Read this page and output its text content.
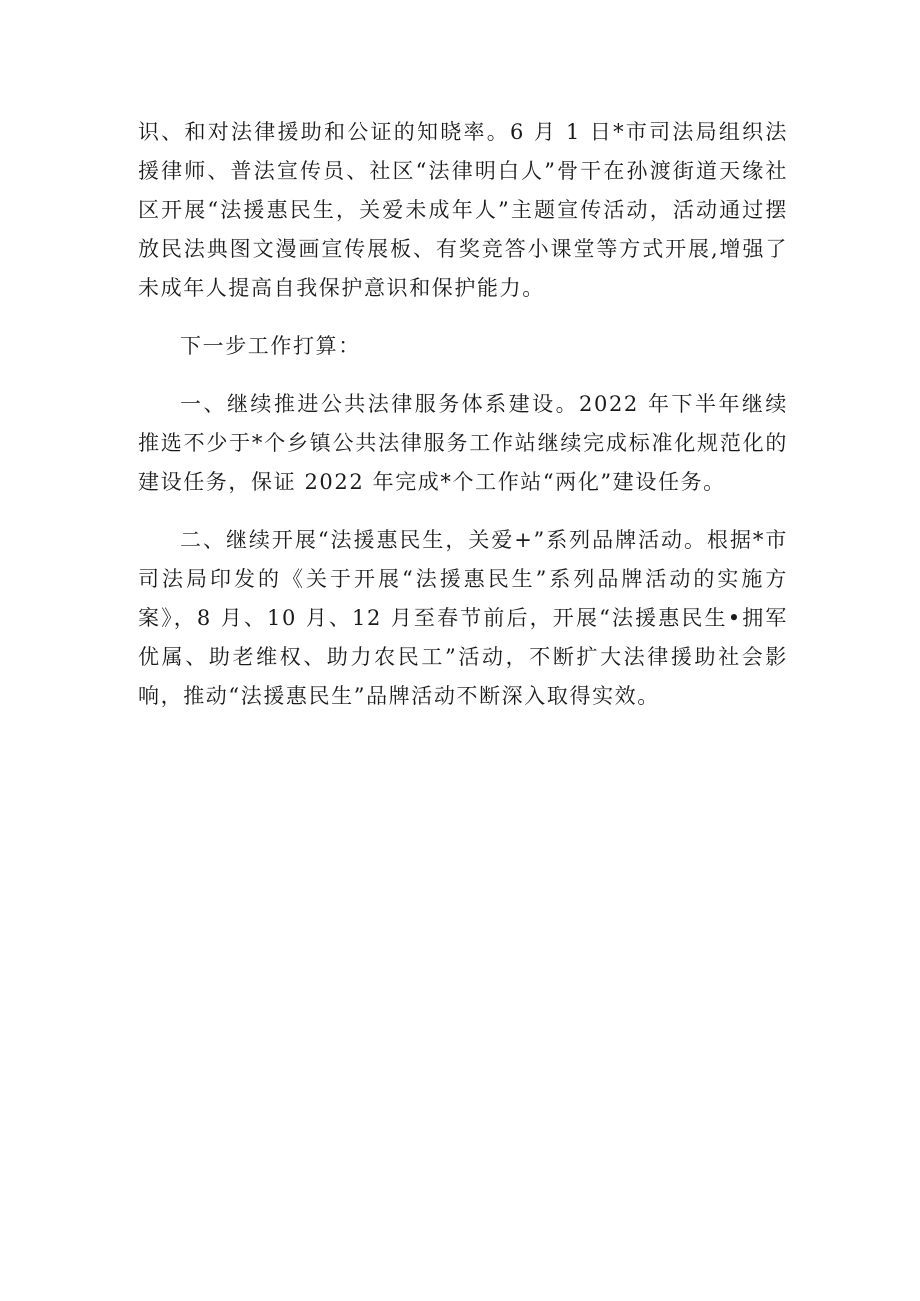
识、和对法律援助和公证的知晓率。6 月 1 日*市司法局组织法援律师、普法宣传员、社区“法律明白人”骨干在孙渡街道天缘社区开展“法援惠民生，关爱未成年人”主题宣传活动，活动通过摆放民法典图文漫画宣传展板、有奖竞答小课堂等方式开展,增强了未成年人提高自我保护意识和保护能力。

下一步工作打算：

一、继续推进公共法律服务体系建设。2022 年下半年继续推选不少于*个乡镇公共法律服务工作站继续完成标准化规范化的建设任务，保证 2022 年完成*个工作站“两化”建设任务。

二、继续开展“法援惠民生，关爱+”系列品牌活动。根据*市司法局印发的《关于开展“法援惠民生”系列品牌活动的实施方案》，8 月、10 月、12 月至春节前后，开展“法援惠民生•拥军优属、助老维权、助力农民工”活动，不断扩大法律援助社会影响，推动“法援惠民生”品牌活动不断深入取得实效。
